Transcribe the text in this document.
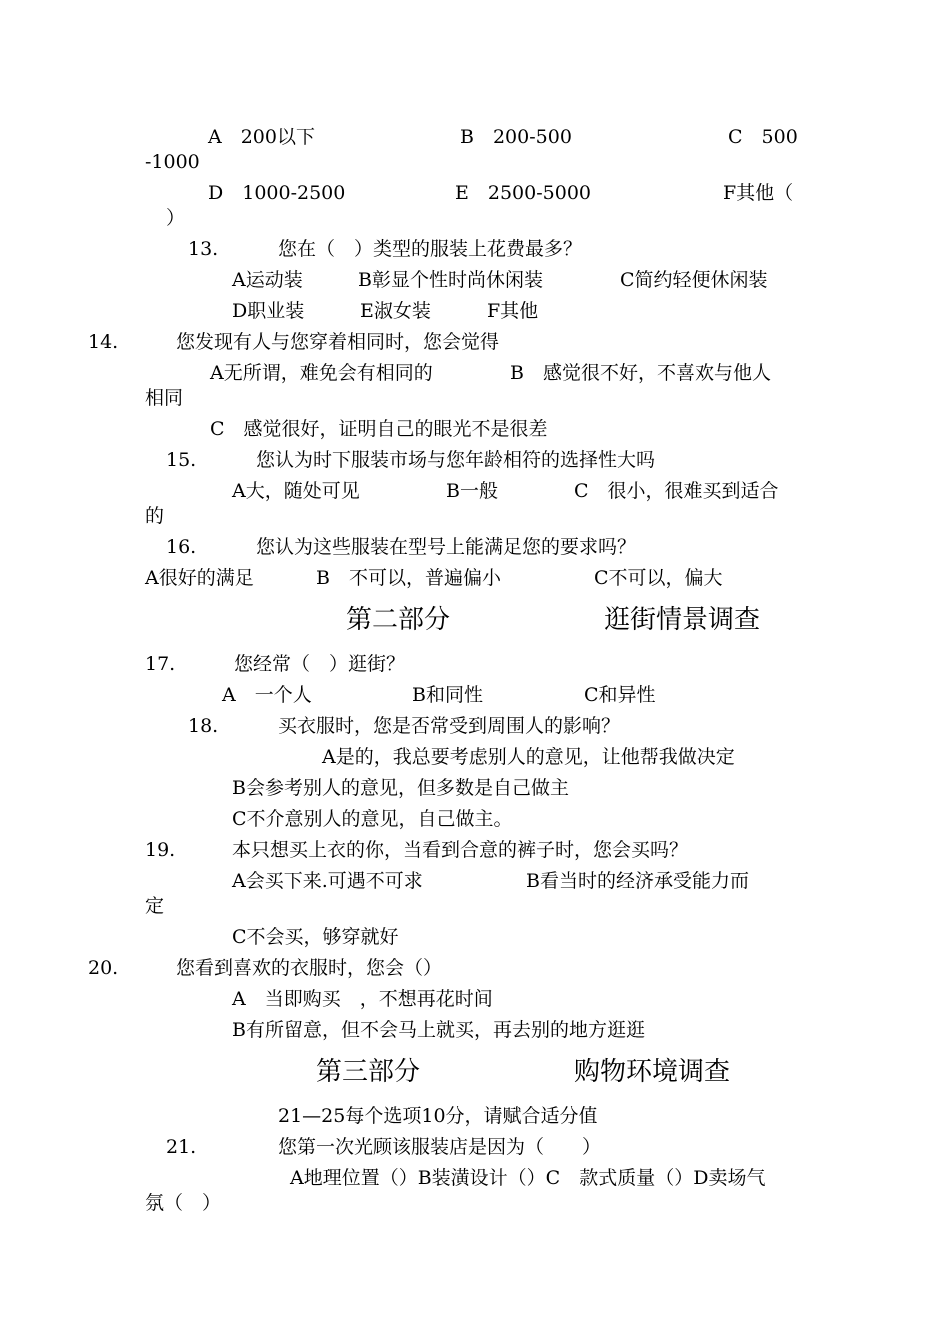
A　200以下	B　200-500	C　500
-1000
D　1000-2500	E　2500-5000	F其他（
）
13.	您在（　）类型的服装上花费最多？
A运动装	B彰显个性时尚休闲装	C简约轻便休闲装
D职业装	E淑女装	F其他
14.	您发现有人与您穿着相同时，您会觉得
A无所谓，难免会有相同的	B　感觉很不好，不喜欢与他人
相同
C　感觉很好，证明自己的眼光不是很差
15.	您认为时下服装市场与您年龄相符的选择性大吗
A大，随处可见	B一般	C　很小，很难买到适合
的
16.	您认为这些服装在型号上能满足您的要求吗？
A很好的满足	B　不可以，普遍偏小	C不可以，偏大
第二部分	逛街情景调查
17.	您经常（　）逛街？
A　一个人	B和同性	C和异性
18.	买衣服时，您是否常受到周围人的影响？
A是的，我总要考虑别人的意见，让他帮我做决定
B会参考别人的意见，但多数是自己做主
C不介意别人的意见，自己做主。
19.	本只想买上衣的你，当看到合意的裤子时，您会买吗？
A会买下来.可遇不可求	B看当时的经济承受能力而
定
C不会买，够穿就好
20.	您看到喜欢的衣服时，您会（）
A　当即购买　，不想再花时间
B有所留意，但不会马上就买，再去别的地方逛逛
第三部分	购物环境调查
21—25每个选项10分，请赋合适分值
21.	您第一次光顾该服装店是因为（　　）
A地理位置（）B装潢设计（）C　款式质量（）D卖场气
氛（　）
